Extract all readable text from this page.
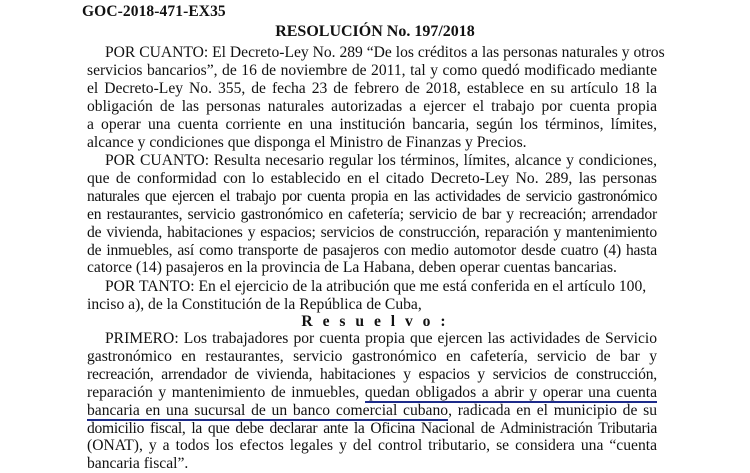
GOC-2018-471-EX35
RESOLUCIÓN No. 197/2018
POR CUANTO: El Decreto-Ley No. 289 “De los créditos a las personas naturales y otros
servicios bancarios”, de 16 de noviembre de 2011, tal y como quedó modificado mediante
el Decreto-Ley No. 355, de fecha 23 de febrero de 2018, establece en su artículo 18 la
obligación de las personas naturales autorizadas a ejercer el trabajo por cuenta propia
a operar una cuenta corriente en una institución bancaria, según los términos, límites,
alcance y condiciones que disponga el Ministro de Finanzas y Precios.
POR CUANTO: Resulta necesario regular los términos, límites, alcance y condiciones,
que de conformidad con lo establecido en el citado Decreto-Ley No. 289, las personas
naturales que ejercen el trabajo por cuenta propia en las actividades de servicio gastronómico
en restaurantes, servicio gastronómico en cafetería; servicio de bar y recreación; arrendador
de vivienda, habitaciones y espacios; servicios de construcción, reparación y mantenimiento
de inmuebles, así como transporte de pasajeros con medio automotor desde cuatro (4) hasta
catorce (14) pasajeros en la provincia de La Habana, deben operar cuentas bancarias.
POR TANTO: En el ejercicio de la atribución que me está conferida en el artículo 100,
inciso a), de la Constitución de la República de Cuba,
R e s u e l v o :
PRIMERO: Los trabajadores por cuenta propia que ejercen las actividades de Servicio
gastronómico en restaurantes, servicio gastronómico en cafetería, servicio de bar y
recreación, arrendador de vivienda, habitaciones y espacios y servicios de construcción,
reparación y mantenimiento de inmuebles, quedan obligados a abrir y operar una cuenta
bancaria en una sucursal de un banco comercial cubano, radicada en el municipio de su
domicilio fiscal, la que debe declarar ante la Oficina Nacional de Administración Tributaria
(ONAT), y a todos los efectos legales y del control tributario, se considera una “cuenta
bancaria fiscal”.
